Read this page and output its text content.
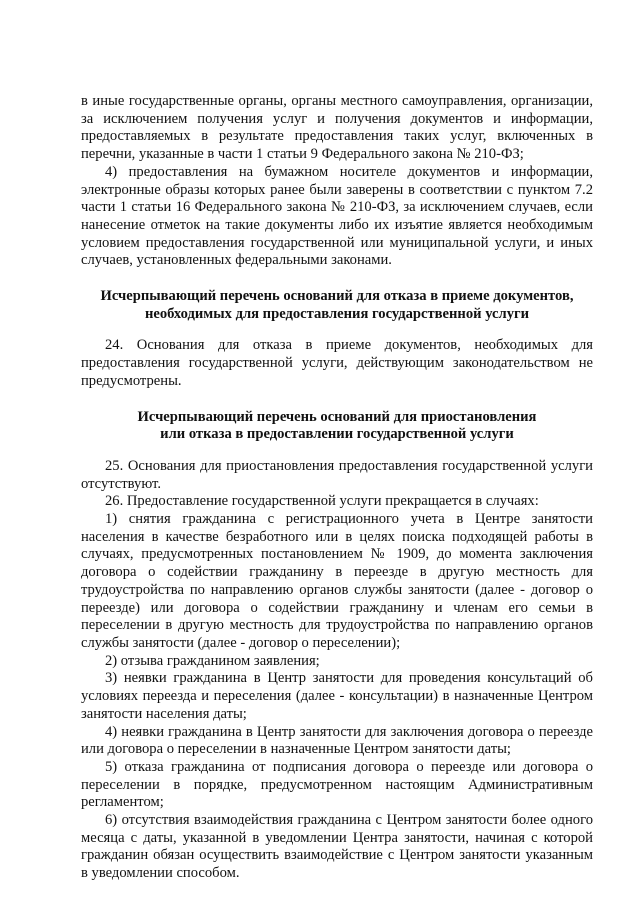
в иные государственные органы, органы местного самоуправления, организации, за исключением получения услуг и получения документов и информации, предоставляемых в результате предоставления таких услуг, включенных в перечни, указанные в части 1 статьи 9 Федерального закона № 210-ФЗ;

4) предоставления на бумажном носителе документов и информации, электронные образы которых ранее были заверены в соответствии с пунктом 7.2 части 1 статьи 16 Федерального закона № 210-ФЗ, за исключением случаев, если нанесение отметок на такие документы либо их изъятие является необходимым условием предоставления государственной или муниципальной услуги, и иных случаев, установленных федеральными законами.

Исчерпывающий перечень оснований для отказа в приеме документов,
необходимых для предоставления государственной услуги

24. Основания для отказа в приеме документов, необходимых для предоставления государственной услуги, действующим законодательством не предусмотрены.

Исчерпывающий перечень оснований для приостановления
или отказа в предоставлении государственной услуги

25. Основания для приостановления предоставления государственной услуги отсутствуют.

26. Предоставление государственной услуги прекращается в случаях:

1) снятия гражданина с регистрационного учета в Центре занятости населения в качестве безработного или в целях поиска подходящей работы в случаях, предусмотренных постановлением № 1909, до момента заключения договора о содействии гражданину в переезде в другую местность для трудоустройства по направлению органов службы занятости (далее - договор о переезде) или договора о содействии гражданину и членам его семьи в переселении в другую местность для трудоустройства по направлению органов службы занятости (далее - договор о переселении);

2) отзыва гражданином заявления;

3) неявки гражданина в Центр занятости для проведения консультаций об условиях переезда и переселения (далее - консультации) в назначенные Центром занятости населения даты;

4) неявки гражданина в Центр занятости для заключения договора о переезде или договора о переселении в назначенные Центром занятости даты;

5) отказа гражданина от подписания договора о переезде или договора о переселении в порядке, предусмотренном настоящим Административным регламентом;

6) отсутствия взаимодействия гражданина с Центром занятости более одного месяца с даты, указанной в уведомлении Центра занятости, начиная с которой гражданин обязан осуществить взаимодействие с Центром занятости указанным в уведомлении способом.
